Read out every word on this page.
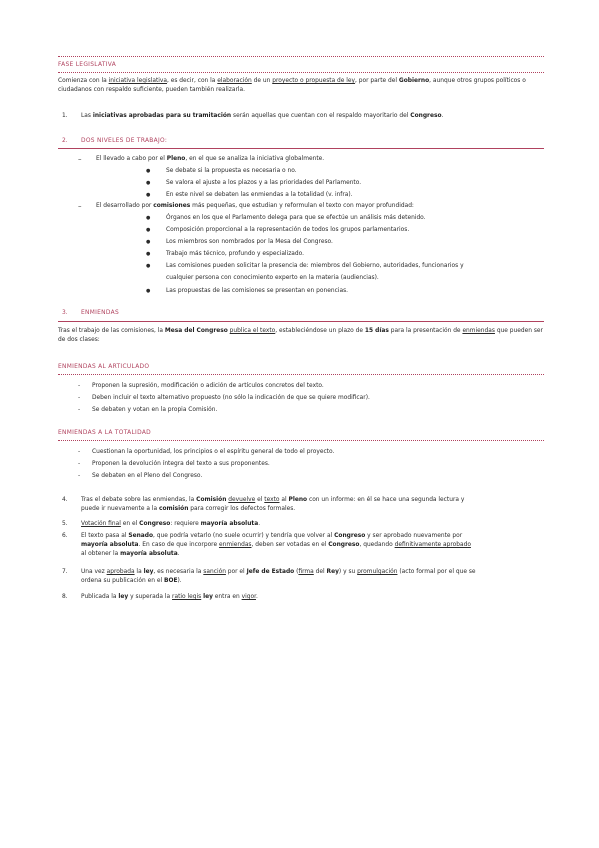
FASE LEGISLATIVA
Comienza con la iniciativa legislativa, es decir, con la elaboración de un proyecto o propuesta de ley, por parte del Gobierno, aunque otros grupos políticos o ciudadanos con respaldo suficiente, pueden también realizarla.
1. Las iniciativas aprobadas para su tramitación serán aquellas que cuentan con el respaldo mayoritario del Congreso.
2. DOS NIVELES DE TRABAJO:
– El llevado a cabo por el Pleno, en el que se analiza la iniciativa globalmente.
●	Se debate si la propuesta es necesaria o no.
●	Se valora el ajuste a los plazos y a las prioridades del Parlamento.
●	En este nivel se debaten las enmiendas a la totalidad (v. infra).
– El desarrollado por comisiones más pequeñas, que estudian y reformulan el texto con mayor profundidad:
●	Órganos en los que el Parlamento delega para que se efectúe un análisis más detenido.
●	Composición proporcional a la representación de todos los grupos parlamentarios.
●	Los miembros son nombrados por la Mesa del Congreso.
●	Trabajo más técnico, profundo y especializado.
●	Las comisiones pueden solicitar la presencia de: miembros del Gobierno, autoridades, funcionarios y
cualquier persona con conocimiento experto en la materia (audiencias).
●	Las propuestas de las comisiones se presentan en ponencias.
3. ENMIENDAS
Tras el trabajo de las comisiones, la Mesa del Congreso publica el texto, estableciéndose un plazo de 15 días para la presentación de enmiendas que pueden ser de dos clases:
ENMIENDAS AL ARTICULADO
- Proponen la supresión, modificación o adición de artículos concretos del texto.
- Deben incluir el texto alternativo propuesto (no sólo la indicación de que se quiere modificar).
- Se debaten y votan en la propia Comisión.
ENMIENDAS A LA TOTALIDAD
- Cuestionan la oportunidad, los principios o el espíritu general de todo el proyecto.
- Proponen la devolución íntegra del texto a sus proponentes.
- Se debaten en el Pleno del Congreso.
4. Tras el debate sobre las enmiendas, la Comisión devuelve el texto al Pleno con un informe: en él se hace una segunda lectura y
puede ir nuevamente a la comisión para corregir los defectos formales.
5. Votación final en el Congreso: requiere mayoría absoluta.
6. El texto pasa al Senado, que podría vetarlo (no suele ocurrir) y tendría que volver al Congreso y ser aprobado nuevamente por
mayoría absoluta. En caso de que incorpore enmiendas, deben ser votadas en el Congreso, quedando definitivamente aprobado
al obtener la mayoría absoluta.
7. Una vez aprobada la ley, es necesaria la sanción por el Jefe de Estado (firma del Rey) y su promulgación (acto formal por el que se
ordena su publicación en el BOE).
8. Publicada la ley y superada la ratio legis ley entra en vigor.
